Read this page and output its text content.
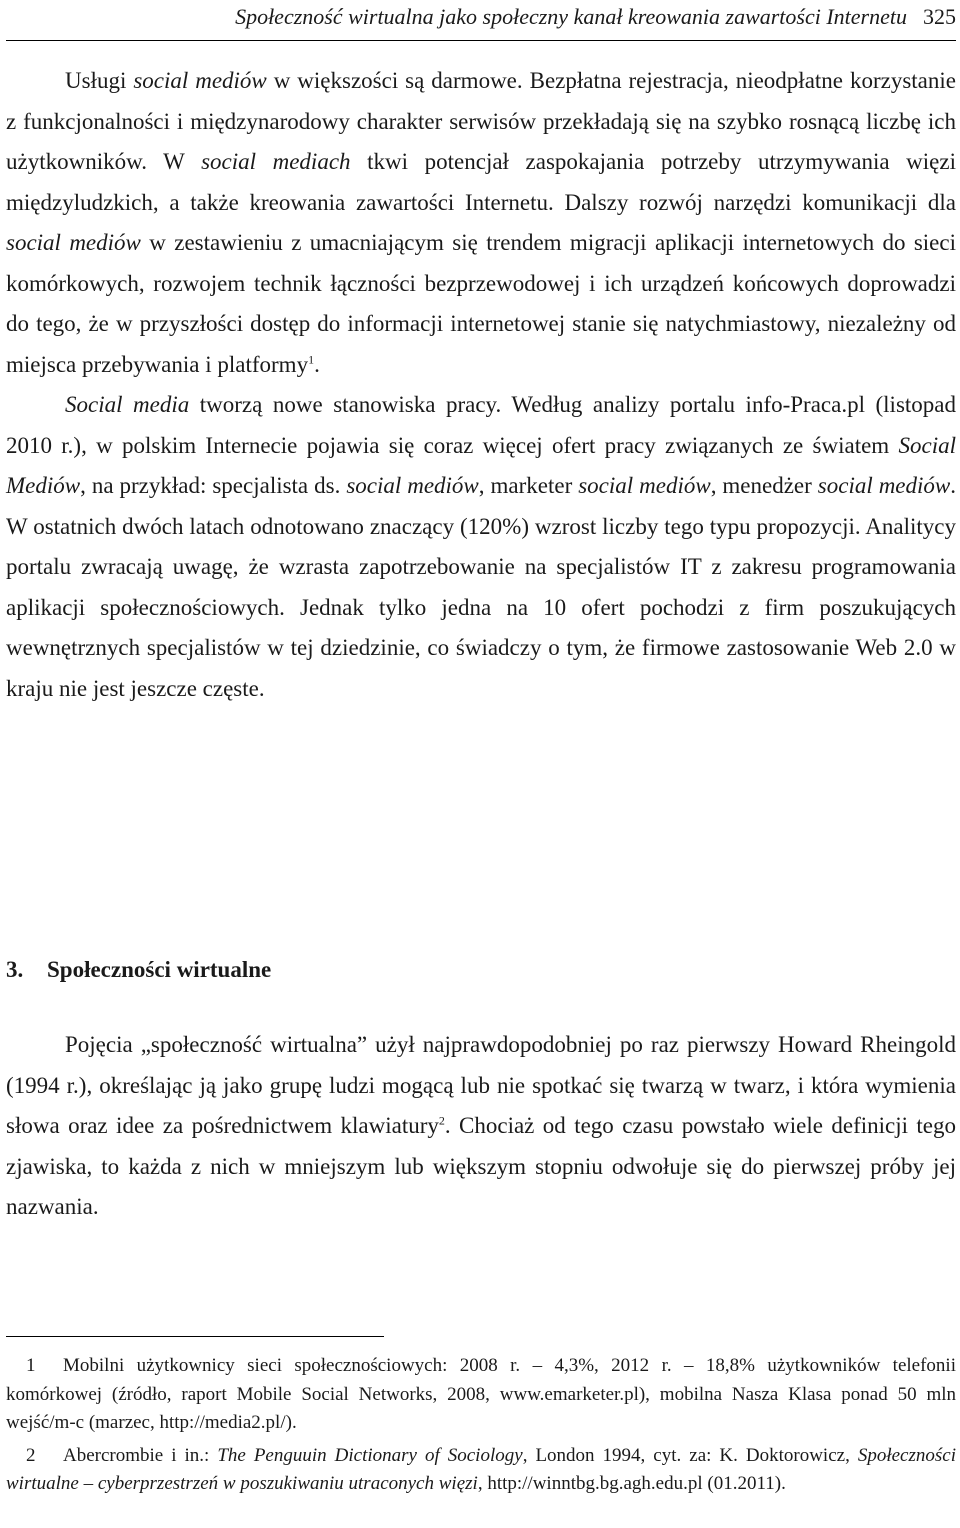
Społeczność wirtualna jako społeczny kanał kreowania zawartości Internetu 325

Usługi social mediów w większości są darmowe. Bezpłatna rejestracja, nieodpłatne korzystanie z funkcjonalności i międzynarodowy charakter serwisów przekładają się na szybko rosnącą liczbę ich użytkowników. W social mediach tkwi potencjał zaspokajania potrzeby utrzymywania więzi międzyludzkich, a także kreowania zawartości Internetu. Dalszy rozwój narzędzi komunikacji dla social mediów w zestawieniu z umacniającym się trendem migracji aplikacji internetowych do sieci komórkowych, rozwojem technik łączności bezprzewodowej i ich urządzeń końcowych doprowadzi do tego, że w przyszłości dostęp do informacji internetowej stanie się natychmiastowy, niezależny od miejsca przebywania i platformy$^1$.

Social media tworzą nowe stanowiska pracy. Według analizy portalu info-Praca.pl (listopad 2010 r.), w polskim Internecie pojawia się coraz więcej ofert pracy związanych ze światem Social Mediów, na przykład: specjalista ds. social mediów, marketer social mediów, menedżer social mediów. W ostatnich dwóch latach odnotowano znaczący (120%) wzrost liczby tego typu propozycji. Analitycy portalu zwracają uwagę, że wzrasta zapotrzebowanie na specjalistów IT z zakresu programowania aplikacji społecznościowych. Jednak tylko jedna na 10 ofert pochodzi z firm poszukujących wewnętrznych specjalistów w tej dziedzinie, co świadczy o tym, że firmowe zastosowanie Web 2.0 w kraju nie jest jeszcze częste.

3. Społeczności wirtualne

Pojęcia „społeczność wirtualna” użył najprawdopodobniej po raz pierwszy Howard Rheingold (1994 r.), określając ją jako grupę ludzi mogącą lub nie spotkać się twarzą w twarz, i która wymienia słowa oraz idee za pośrednictwem klawiatury$^2$. Chociaż od tego czasu powstało wiele definicji tego zjawiska, to każda z nich w mniejszym lub większym stopniu odwołuje się do pierwszej próby jej nazwania.

1 Mobilni użytkownicy sieci społecznościowych: 2008 r. – 4,3%, 2012 r. – 18,8% użytkowników telefonii komórkowej (źródło, raport Mobile Social Networks, 2008, www.emarketer.pl), mobilna Nasza Klasa ponad 50 mln wejść/m-c (marzec, http://media2.pl/).

2 Abercrombie i in.: The Penguuin Dictionary of Sociology, London 1994, cyt. za: K. Doktorowicz, Społeczności wirtualne – cyberprzestrzeń w poszukiwaniu utraconych więzi, http://winntbg.bg.agh.edu.pl (01.2011).
